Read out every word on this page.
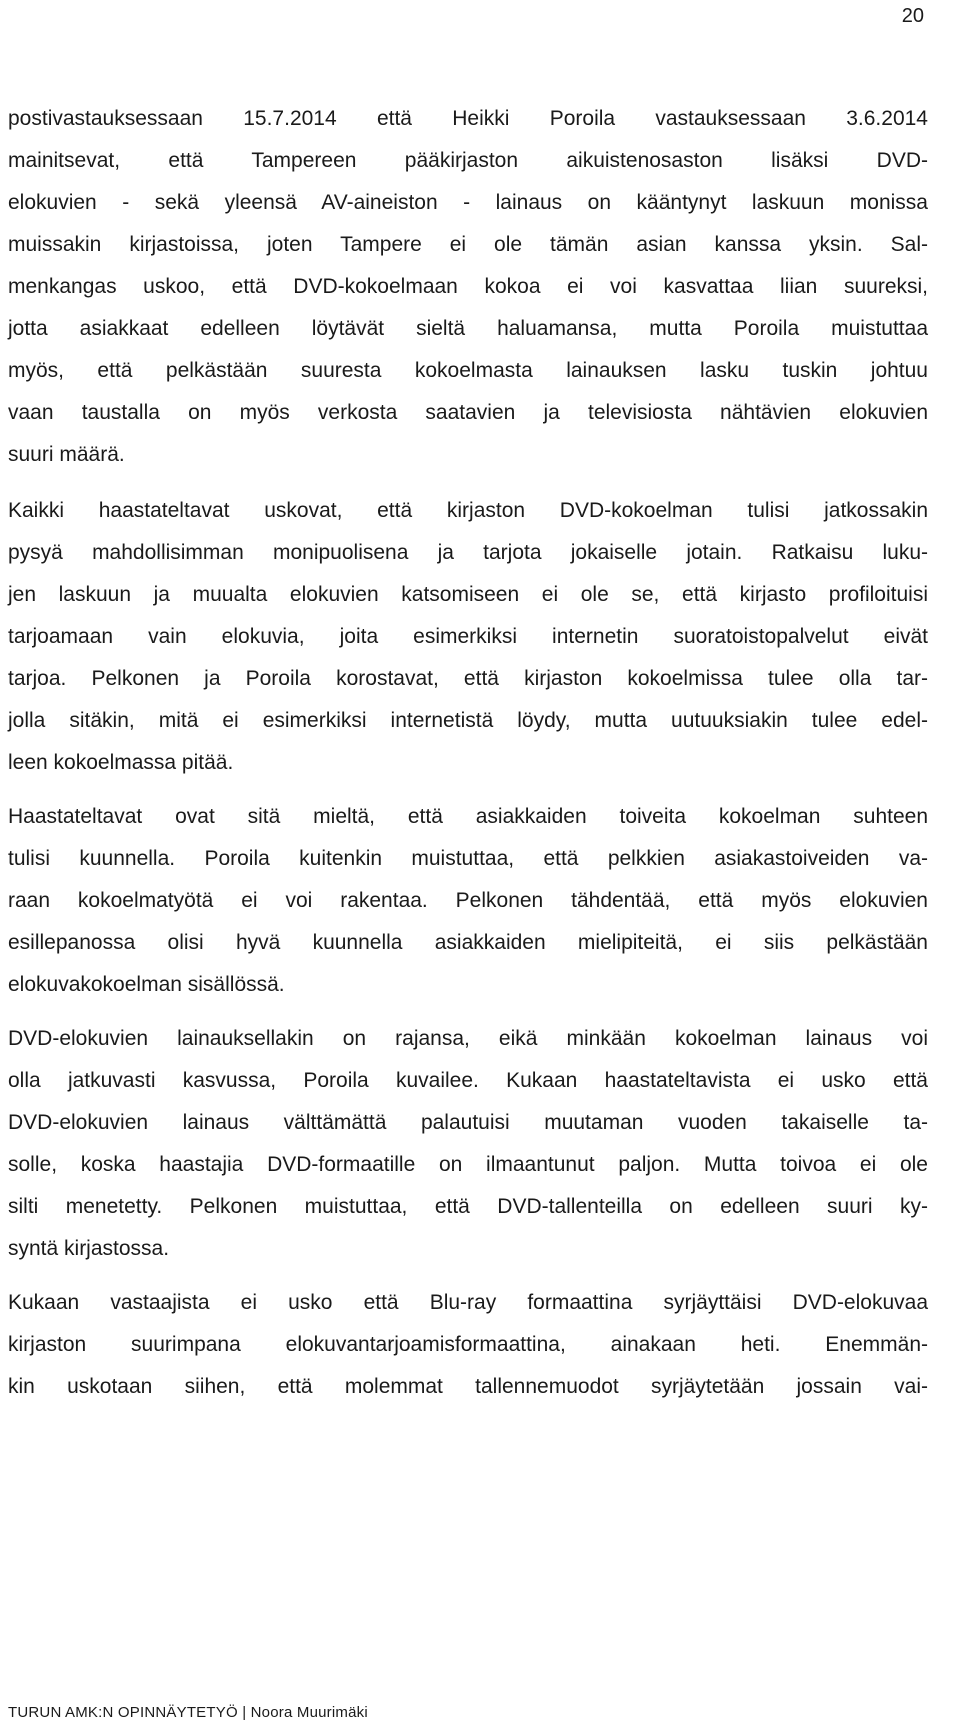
20

postivastauksessaan 15.7.2014 että Heikki Poroila vastauksessaan 3.6.2014
mainitsevat, että Tampereen pääkirjaston aikuistenosaston lisäksi DVD-
elokuvien - sekä yleensä AV-aineiston - lainaus on kääntynyt laskuun monissa
muissakin kirjastoissa, joten Tampere ei ole tämän asian kanssa yksin. Sal-
menkangas uskoo, että DVD-kokoelmaan kokoa ei voi kasvattaa liian suureksi,
jotta asiakkaat edelleen löytävät sieltä haluamansa, mutta Poroila muistuttaa
myös, että pelkästään suuresta kokoelmasta lainauksen lasku tuskin johtuu
vaan taustalla on myös verkosta saatavien ja televisiosta nähtävien elokuvien
suuri määrä.

Kaikki haastateltavat uskovat, että kirjaston DVD-kokoelman tulisi jatkossakin
pysyä mahdollisimman monipuolisena ja tarjota jokaiselle jotain. Ratkaisu luku-
jen laskuun ja muualta elokuvien katsomiseen ei ole se, että kirjasto profiloituisi
tarjoamaan vain elokuvia, joita esimerkiksi internetin suoratoistopalvelut eivät
tarjoa. Pelkonen ja Poroila korostavat, että kirjaston kokoelmissa tulee olla tar-
jolla sitäkin, mitä ei esimerkiksi internetistä löydy, mutta uutuuksiakin tulee edel-
leen kokoelmassa pitää.

Haastateltavat ovat sitä mieltä, että asiakkaiden toiveita kokoelman suhteen
tulisi kuunnella. Poroila kuitenkin muistuttaa, että pelkkien asiakastoiveiden va-
raan kokoelmatyötä ei voi rakentaa. Pelkonen tähdentää, että myös elokuvien
esillepanossa olisi hyvä kuunnella asiakkaiden mielipiteitä, ei siis pelkästään
elokuvakokoelman sisällössä.

DVD-elokuvien lainauksellakin on rajansa, eikä minkään kokoelman lainaus voi
olla jatkuvasti kasvussa, Poroila kuvailee. Kukaan haastateltavista ei usko että
DVD-elokuvien lainaus välttämättä palautuisi muutaman vuoden takaiselle ta-
solle, koska haastajia DVD-formaatille on ilmaantunut paljon. Mutta toivoa ei ole
silti menetetty. Pelkonen muistuttaa, että DVD-tallenteilla on edelleen suuri ky-
syntä kirjastossa.

Kukaan vastaajista ei usko että Blu-ray formaattina syrjäyttäisi DVD-elokuvaa
kirjaston suurimpana elokuvantarjoamisformaattina, ainakaan heti. Enemmän-
kin uskotaan siihen, että molemmat tallennemuodot syrjäytetään jossain vai-

TURUN AMK:N OPINNÄYTETYÖ | Noora Muurimäki
